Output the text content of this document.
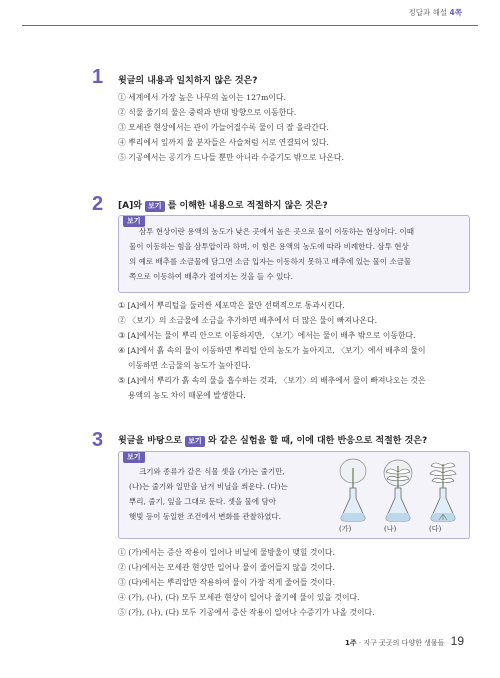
정답과 해설 4쪽
1 윗글의 내용과 일치하지 않은 것은?
① 세계에서 가장 높은 나무의 높이는 127m이다.
② 식물 줄기의 물은 중력과 반대 방향으로 이동한다.
③ 모세관 현상에서는 관이 가늘어질수록 물이 더 잘 올라간다.
④ 뿌리에서 잎까지 물 분자들은 사슬처럼 서로 연결되어 있다.
⑤ 기공에서는 공기가 드나들 뿐만 아니라 수증기도 밖으로 나온다.
2 [A]와 보기 를 이해한 내용으로 적절하지 않은 것은?
보기
삼투 현상이란 용액의 농도가 낮은 곳에서 높은 곳으로 물이 이동하는 현상이다. 이때
물이 이동하는 힘을 삼투압이라 하며, 이 힘은 용액의 농도에 따라 비례한다. 삼투 현상
의 예로 배추를 소금물에 담그면 소금 입자는 이동하지 못하고 배추에 있는 물이 소금물
쪽으로 이동하여 배추가 절여지는 것을 들 수 있다.
① [A]에서 뿌리털을 둘러싼 세포막은 물만 선택적으로 통과시킨다.
② 〈보기〉의 소금물에 소금을 추가하면 배추에서 더 많은 물이 빠져나온다.
③ [A]에서는 물이 뿌리 안으로 이동하지만, 〈보기〉에서는 물이 배추 밖으로 이동한다.
④ [A]에서 흙 속의 물이 이동하면 뿌리털 안의 농도가 높아지고, 〈보기〉에서 배추의 물이
이동하면 소금물의 농도가 높아진다.
⑤ [A]에서 뿌리가 흙 속의 물을 흡수하는 것과, 〈보기〉의 배추에서 물이 빠져나오는 것은
용액의 농도 차이 때문에 발생한다.
3 윗글을 바탕으로 보기 와 같은 실험을 할 때, 이에 대한 반응으로 적절한 것은?
보기
크기와 종류가 같은 식물 셋을 (가)는 줄기만,
(나)는 줄기와 일만을 남겨 비닐을 씌운다. (다)는
뿌리, 줄기, 잎을 그대로 둔다. 셋을 물에 담아
햇빛 등이 동일한 조건에서 변화를 관찰하였다.
(가)	(나)	(다)
① (가)에서는 증산 작용이 일어나 비닐에 물방울이 맺힐 것이다.
② (나)에서는 모세관 현상만 일어나 물이 줄어들지 않을 것이다.
③ (다)에서는 뿌리압만 작용하여 물이 가장 적게 줄어들 것이다.
④ (가), (나), (다) 모두 모세관 현상이 일어나 줄기에 물이 있을 것이다.
⑤ (가), (나), (다) 모두 기공에서 증산 작용이 일어나 수증기가 나올 것이다.
1주 · 지구 곳곳의 다양한 생물들 19
